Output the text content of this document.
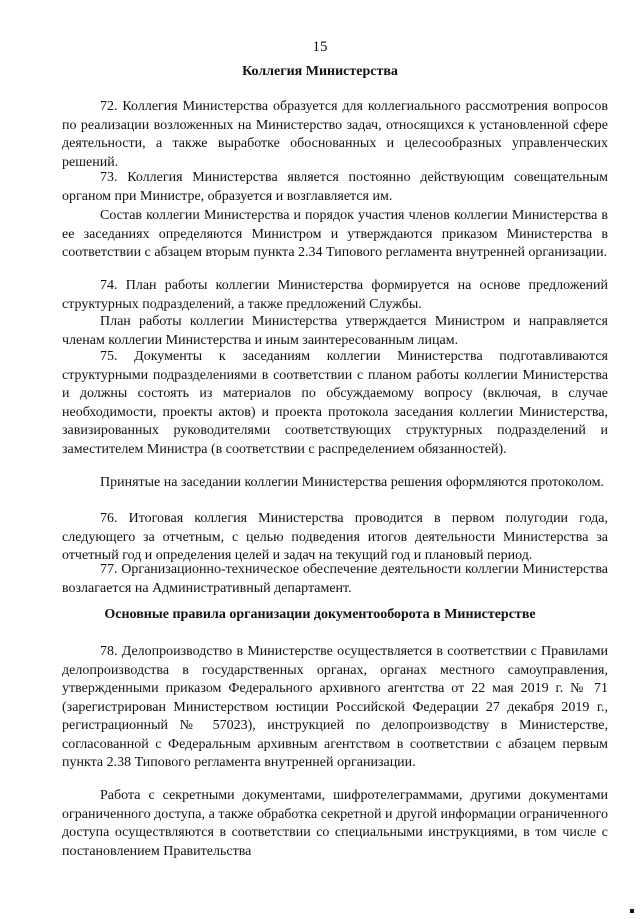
15
Коллегия Министерства

72. Коллегия Министерства образуется для коллегиального рассмотрения вопросов по реализации возложенных на Министерство задач, относящихся к установленной сфере деятельности, а также выработке обоснованных и целесообразных управленческих решений.

73. Коллегия Министерства является постоянно действующим совещательным органом при Министре, образуется и возглавляется им.

Состав коллегии Министерства и порядок участия членов коллегии Министерства в ее заседаниях определяются Министром и утверждаются приказом Министерства в соответствии с абзацем вторым пункта 2.34 Типового регламента внутренней организации.

74. План работы коллегии Министерства формируется на основе предложений структурных подразделений, а также предложений Службы.

План работы коллегии Министерства утверждается Министром и направляется членам коллегии Министерства и иным заинтересованным лицам.

75. Документы к заседаниям коллегии Министерства подготавливаются структурными подразделениями в соответствии с планом работы коллегии Министерства и должны состоять из материалов по обсуждаемому вопросу (включая, в случае необходимости, проекты актов) и проекта протокола заседания коллегии Министерства, завизированных руководителями соответствующих структурных подразделений и заместителем Министра (в соответствии с распределением обязанностей).

Принятые на заседании коллегии Министерства решения оформляются протоколом.

76. Итоговая коллегия Министерства проводится в первом полугодии года, следующего за отчетным, с целью подведения итогов деятельности Министерства за отчетный год и определения целей и задач на текущий год и плановый период.

77. Организационно-техническое обеспечение деятельности коллегии Министерства возлагается на Административный департамент.

Основные правила организации документооборота в Министерстве

78. Делопроизводство в Министерстве осуществляется в соответствии с Правилами делопроизводства в государственных органах, органах местного самоуправления, утвержденными приказом Федерального архивного агентства от 22 мая 2019 г. № 71 (зарегистрирован Министерством юстиции Российской Федерации 27 декабря 2019 г., регистрационный № 57023), инструкцией по делопроизводству в Министерстве, согласованной с Федеральным архивным агентством в соответствии с абзацем первым пункта 2.38 Типового регламента внутренней организации.

Работа с секретными документами, шифротелеграммами, другими документами ограниченного доступа, а также обработка секретной и другой информации ограниченного доступа осуществляются в соответствии со специальными инструкциями, в том числе с постановлением Правительства
